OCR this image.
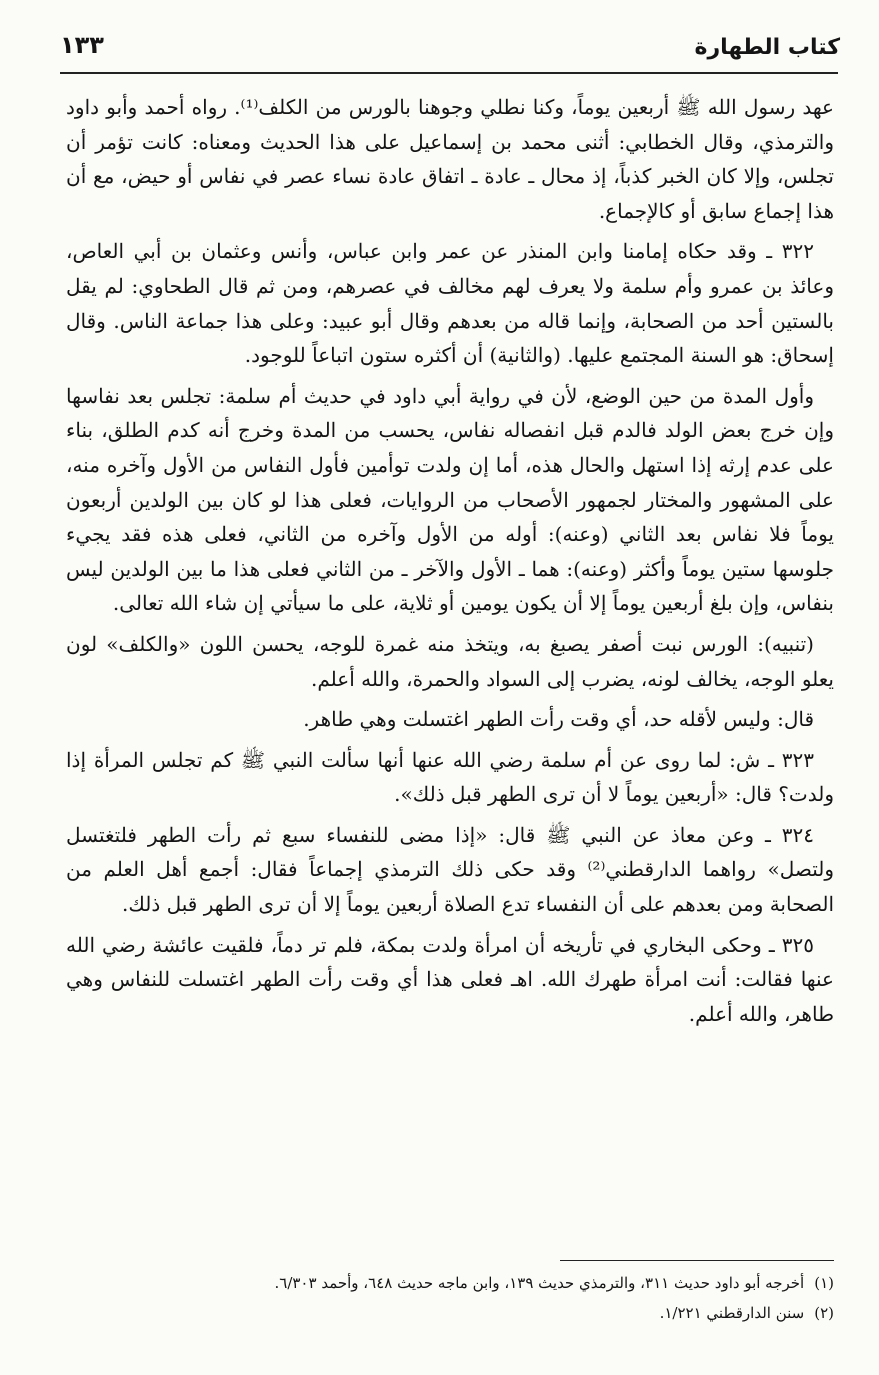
كتاب الطهارة
١٣٣

عهد رسول الله ﷺ أربعين يوماً، وكنا نطلي وجوهنا بالورس من الكلف⁽¹⁾. رواه أحمد وأبو داود والترمذي، وقال الخطابي: أثنى محمد بن إسماعيل على هذا الحديث ومعناه: كانت تؤمر أن تجلس، وإلا كان الخبر كذباً، إذ محال ـ عادة ـ اتفاق عادة نساء عصر في نفاس أو حيض، مع أن هذا إجماع سابق أو كالإجماع.

٣٢٢ ـ وقد حكاه إمامنا وابن المنذر عن عمر وابن عباس، وأنس وعثمان بن أبي العاص، وعائذ بن عمرو وأم سلمة ولا يعرف لهم مخالف في عصرهم، ومن ثم قال الطحاوي: لم يقل بالستين أحد من الصحابة، وإنما قاله من بعدهم وقال أبو عبيد: وعلى هذا جماعة الناس. وقال إسحاق: هو السنة المجتمع عليها. (والثانية) أن أكثره ستون اتباعاً للوجود.

وأول المدة من حين الوضع، لأن في رواية أبي داود في حديث أم سلمة: تجلس بعد نفاسها وإن خرج بعض الولد فالدم قبل انفصاله نفاس، يحسب من المدة وخرج أنه كدم الطلق، بناء على عدم إرثه إذا استهل والحال هذه، أما إن ولدت توأمين فأول النفاس من الأول وآخره منه، على المشهور والمختار لجمهور الأصحاب من الروايات، فعلى هذا لو كان بين الولدين أربعون يوماً فلا نفاس بعد الثاني (وعنه): أوله من الأول وآخره من الثاني، فعلى هذه فقد يجيء جلوسها ستين يوماً وأكثر (وعنه): هما ـ الأول والآخر ـ من الثاني فعلى هذا ما بين الولدين ليس بنفاس، وإن بلغ أربعين يوماً إلا أن يكون يومين أو ثلاية، على ما سيأتي إن شاء الله تعالى.

(تنبيه): الورس نبت أصفر يصبغ به، ويتخذ منه غمرة للوجه، يحسن اللون «والكلف» لون يعلو الوجه، يخالف لونه، يضرب إلى السواد والحمرة، والله أعلم.

قال: وليس لأقله حد، أي وقت رأت الطهر اغتسلت وهي طاهر.

٣٢٣ ـ ش: لما روى عن أم سلمة رضي الله عنها أنها سألت النبي ﷺ كم تجلس المرأة إذا ولدت؟ قال: «أربعين يوماً لا أن ترى الطهر قبل ذلك».

٣٢٤ ـ وعن معاذ عن النبي ﷺ قال: «إذا مضى للنفساء سبع ثم رأت الطهر فلتغتسل ولتصل» رواهما الدارقطني⁽²⁾ وقد حكى ذلك الترمذي إجماعاً فقال: أجمع أهل العلم من الصحابة ومن بعدهم على أن النفساء تدع الصلاة أربعين يوماً إلا أن ترى الطهر قبل ذلك.

٣٢٥ ـ وحكى البخاري في تأريخه أن امرأة ولدت بمكة، فلم تر دماً، فلقيت عائشة رضي الله عنها فقالت: أنت امرأة طهرك الله. اهـ فعلى هذا أي وقت رأت الطهر اغتسلت للنفاس وهي طاهر، والله أعلم.

(١)أخرجه أبو داود حديث ٣١١، والترمذي حديث ١٣٩، وابن ماجه حديث ٦٤٨، وأحمد ٦/٣٠٣.

(٢)سنن الدارقطني ١/٢٢١.
